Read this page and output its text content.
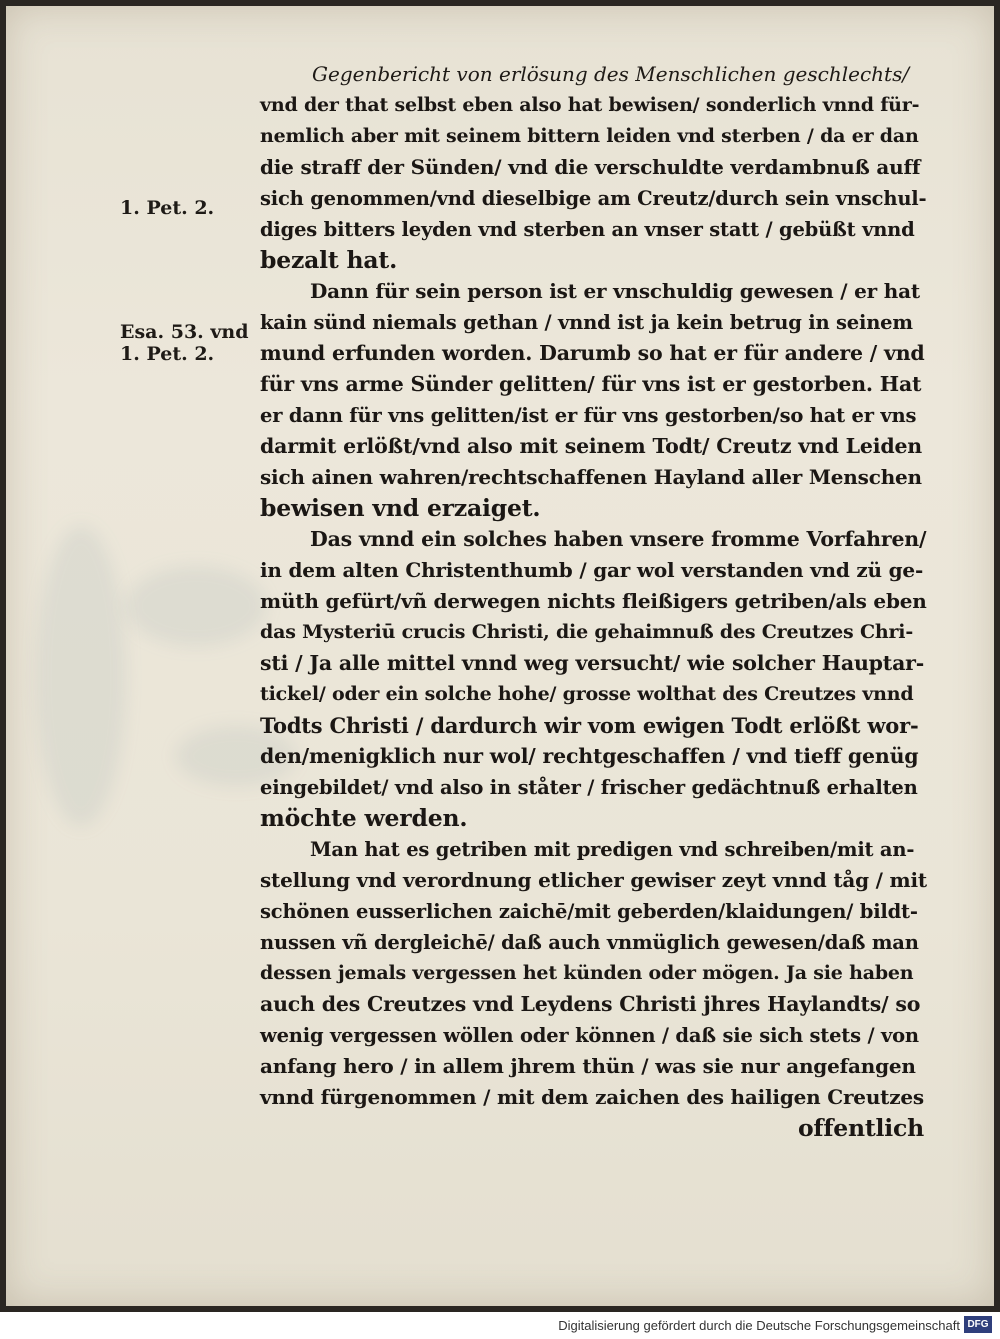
Gegenbericht von erlösung des Menschlichen geschlechts/
1. Pet. 2.
Esa. 53. vnd
1. Pet. 2.
vnd der that selbst eben also hat bewisen/ sonderlich vnnd für-
nemlich aber mit seinem bittern leiden vnd sterben / da er dan
die straff der Sünden/ vnd die verschuldte verdambnuß auff
sich genommen/vnd dieselbige am Creutz/durch sein vnschul-
diges bitters leyden vnd sterben an vnser statt / gebüßt vnnd
bezalt hat.
Dann für sein person ist er vnschuldig gewesen / er hat
kain sünd niemals gethan / vnnd ist ja kein betrug in seinem
mund erfunden worden. Darumb so hat er für andere / vnd
für vns arme Sünder gelitten/ für vns ist er gestorben. Hat
er dann für vns gelitten/ist er für vns gestorben/so hat er vns
darmit erlößt/vnd also mit seinem Todt/ Creutz vnd Leiden
sich ainen wahren/rechtschaffenen Hayland aller Menschen
bewisen vnd erzaiget.
Das vnnd ein solches haben vnsere fromme Vorfahren/
in dem alten Christenthumb / gar wol verstanden vnd zü ge-
müth gefürt/vñ derwegen nichts fleißigers getriben/als eben
das Mysteriū crucis Christi, die gehaimnuß des Creutzes Chri-
sti / Ja alle mittel vnnd weg versucht/ wie solcher Hauptar-
tickel/ oder ein solche hohe/ grosse wolthat des Creutzes vnnd
Todts Christi / dardurch wir vom ewigen Todt erlößt wor-
den/menigklich nur wol/ rechtgeschaffen / vnd tieff genüg
eingebildet/ vnd also in ståter / frischer gedächtnuß erhalten
möchte werden.
Man hat es getriben mit predigen vnd schreiben/mit an-
stellung vnd verordnung etlicher gewiser zeyt vnnd tåg / mit
schönen eusserlichen zaichē/mit geberden/klaidungen/ bildt-
nussen vñ dergleichē/ daß auch vnmüglich gewesen/daß man
dessen jemals vergessen het künden oder mögen. Ja sie haben
auch des Creutzes vnd Leydens Christi jhres Haylandts/ so
wenig vergessen wöllen oder können / daß sie sich stets / von
anfang hero / in allem jhrem thün / was sie nur angefangen
vnnd fürgenommen / mit dem zaichen des hailigen Creutzes
offentlich
Digitalisierung gefördert durch die Deutsche Forschungsgemeinschaft DFG
